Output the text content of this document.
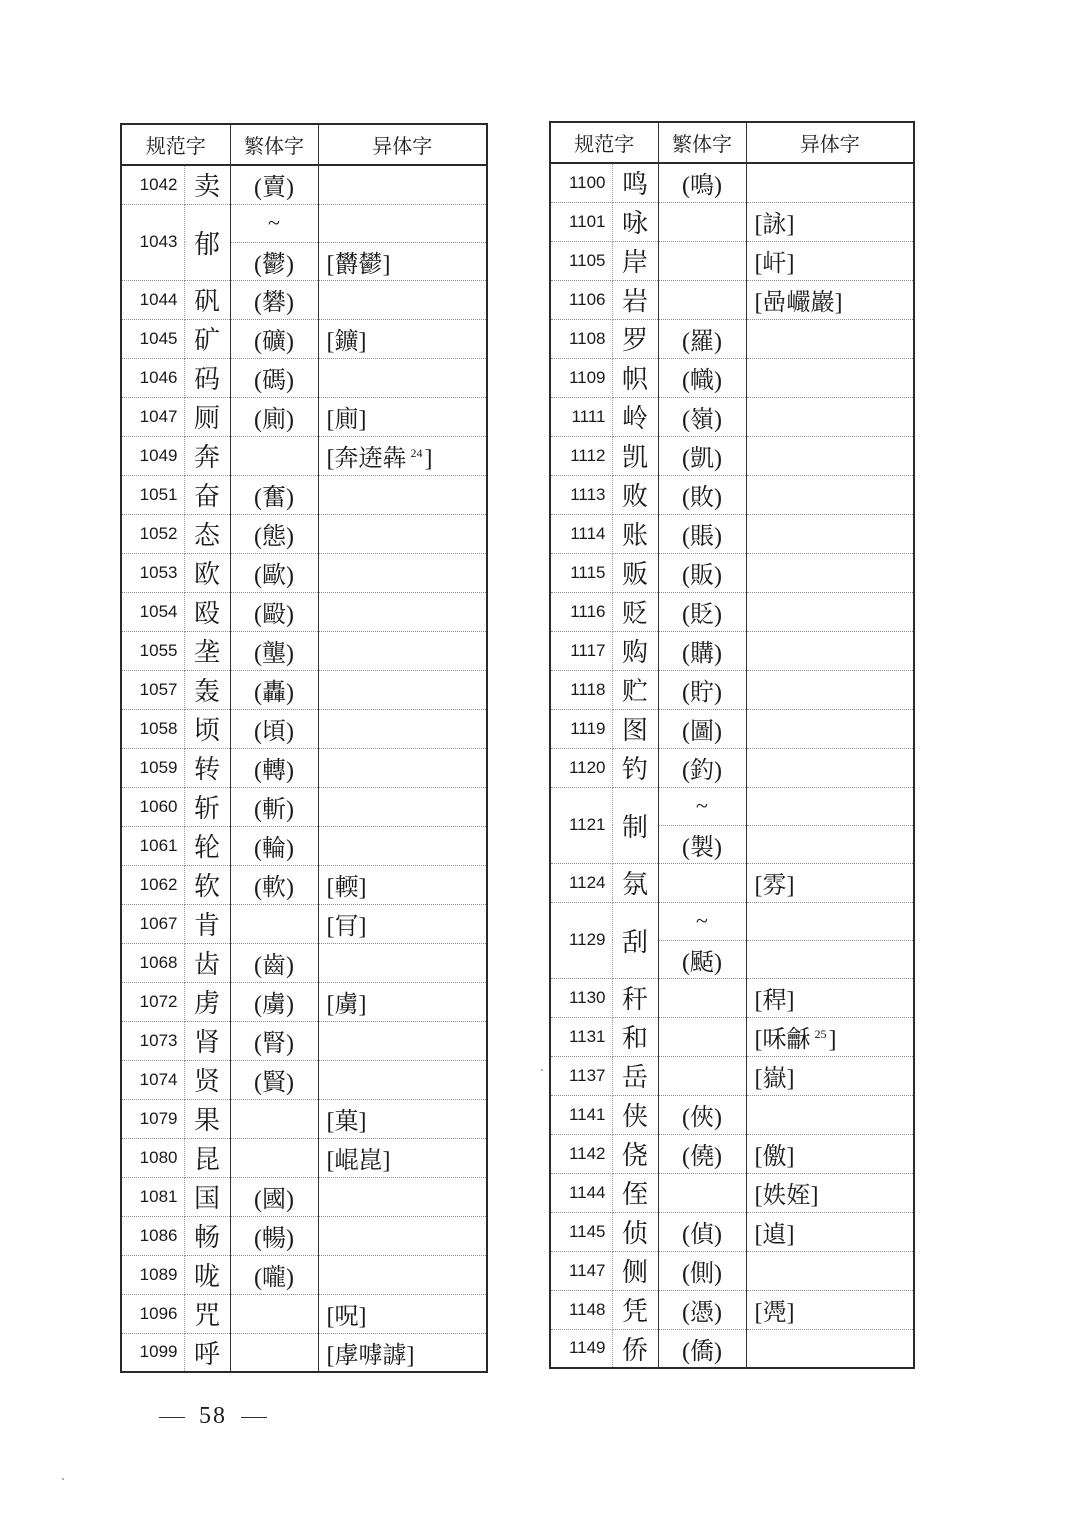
规范字		繁体字	异体字
1042	卖	(賣)	
1043	郁	~	
		(鬱)	[欝鬰]
1044	矾	(礬)	
1045	矿	(礦)	[鑛]
1046	码	(碼)	
1047	厕	(廁)	[廁]
1049	奔		[奔逩犇 $^{24}$]
1051	奋	(奮)	
1052	态	(態)	
1053	欧	(歐)	
1054	殴	(毆)	
1055	垄	(壟)	
1057	轰	(轟)	
1058	顷	(頃)	
1059	转	(轉)	
1060	斩	(斬)	
1061	轮	(輪)	
1062	软	(軟)	[輭]
1067	肯		[肎]
1068	齿	(齒)	
1072	虏	(虜)	[虜]
1073	肾	(腎)	
1074	贤	(賢)	
1079	果		[菓]
1080	昆		[崐崑]
1081	国	(國)	
1086	畅	(暢)	
1089	咙	(嚨)	
1096	咒		[呪]
1099	呼		[虖嘑謼]
规范字		繁体字	异体字
1100	鸣	(鳴)	
1101	咏		[詠]
1105	岸		[屽]
1106	岩		[喦巗巖]
1108	罗	(羅)	
1109	帜	(幟)	
1111	岭	(嶺)	
1112	凯	(凱)	
1113	败	(敗)	
1114	账	(賬)	
1115	贩	(販)	
1116	贬	(貶)	
1117	购	(購)	
1118	贮	(貯)	
1119	图	(圖)	
1120	钓	(釣)	
1121	制	~	
		(製)	
1124	氛		[雰]
1129	刮	~	
		(颳)	
1130	秆		[稈]
1131	和		[咊龢 $^{25}$]
1137	岳		[嶽]
1141	侠	(俠)	
1142	侥	(僥)	[儌]
1144	侄		[妷姪]
1145	侦	(偵)	[遉]
1147	侧	(側)	
1148	凭	(憑)	[凴]
1149	侨	(僑)	
58
